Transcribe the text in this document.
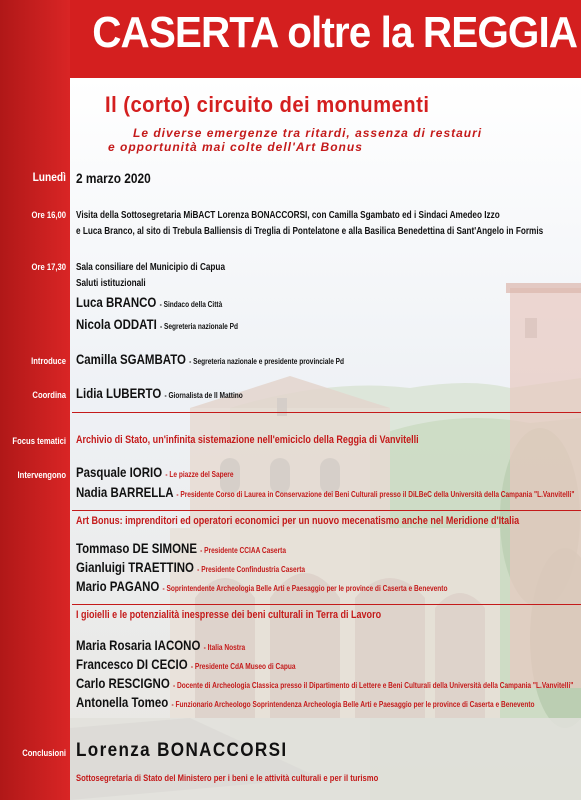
CASERTA oltre la REGGIA
Il (corto) circuito dei monumenti
Le diverse emergenze tra ritardi, assenza di restauri
e opportunità mai colte dell'Art Bonus
Lunedì 2 marzo 2020
Ore 16,00 Visita della Sottosegretaria MiBACT Lorenza BONACCORSI, con Camilla Sgambato ed i Sindaci Amedeo Izzo
e Luca Branco, al sito di Trebula Balliensis di Treglia di Pontelatone e alla Basilica Benedettina di Sant'Angelo in Formis
Ore 17,30 Sala consiliare del Municipio di Capua
Saluti istituzionali
Luca BRANCO - Sindaco della Città
Nicola ODDATI - Segreteria nazionale Pd
Introduce Camilla SGAMBATO - Segreteria nazionale e presidente provinciale Pd
Coordina Lidia LUBERTO - Giornalista de Il Mattino
Focus tematici Archivio di Stato, un'infinita sistemazione nell'emiciclo della Reggia di Vanvitelli
Intervengono Pasquale IORIO - Le piazze del Sapere
Nadia BARRELLA - Presidente Corso di Laurea in Conservazione dei Beni Culturali presso il DiLBeC della Università della Campania "L.Vanvitelli"
Art Bonus: imprenditori ed operatori economici per un nuovo mecenatismo anche nel Meridione d'Italia
Tommaso DE SIMONE - Presidente CCIAA Caserta
Gianluigi TRAETTINO - Presidente Confindustria Caserta
Mario PAGANO - Soprintendente Archeologia Belle Arti e Paesaggio per le province di Caserta e Benevento
I gioielli e le potenzialità inespresse dei beni culturali in Terra di Lavoro
Maria Rosaria IACONO - Italia Nostra
Francesco DI CECIO - Presidente CdA Museo di Capua
Carlo RESCIGNO - Docente di Archeologia Classica presso il Dipartimento di Lettere e Beni Culturali della Università della Campania "L.Vanvitelli"
Antonella Tomeo - Funzionario Archeologo Soprintendenza Archeologia Belle Arti e Paesaggio per le province di Caserta e Benevento
Conclusioni Lorenza BONACCORSI
Sottosegretaria di Stato del Ministero per i beni e le attività culturali e per il turismo
